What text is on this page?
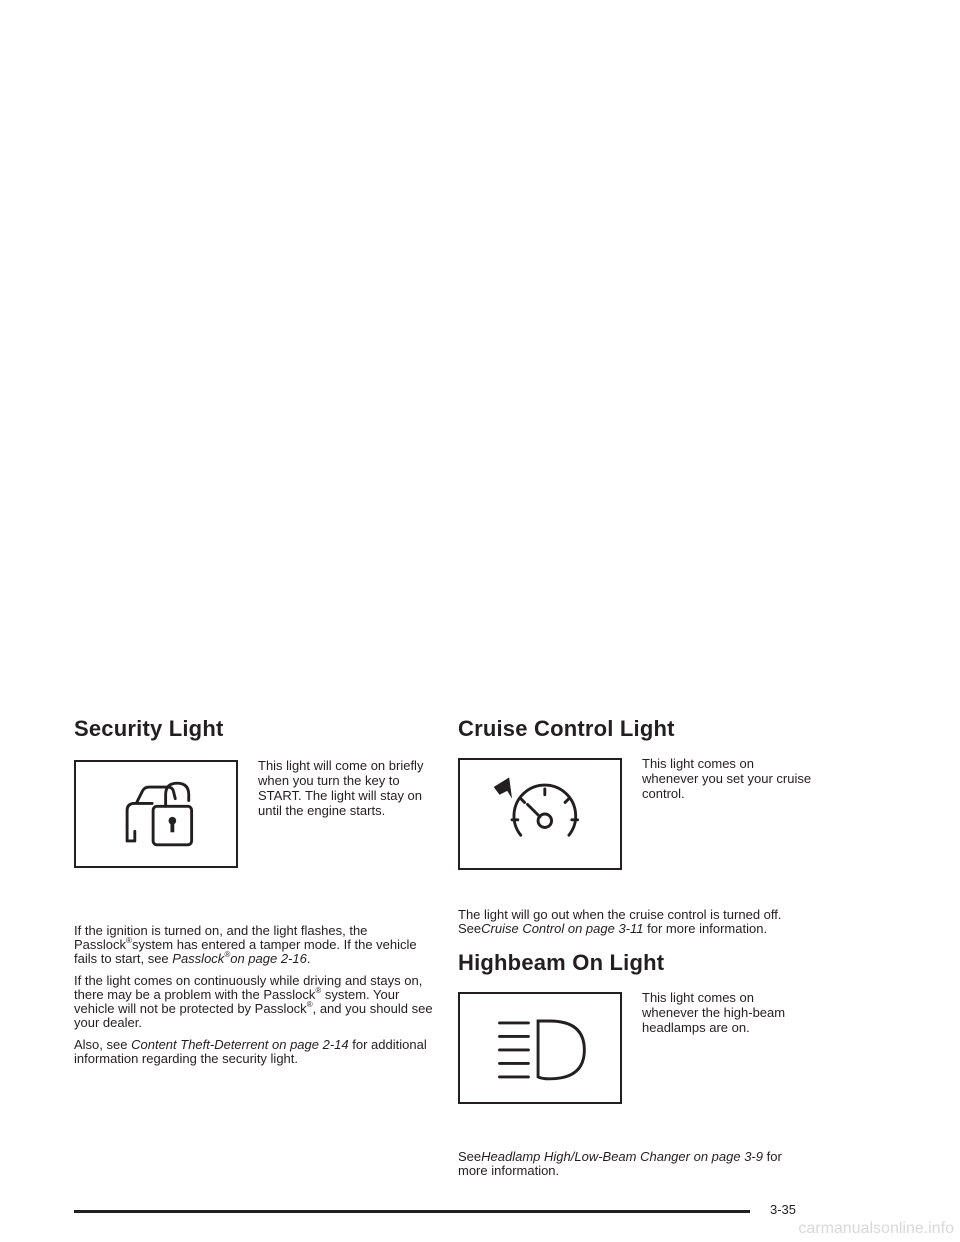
Security Light
This light will come on briefly when you turn the key to START. The light will stay on until the engine starts.

If the ignition is turned on, and the light flashes, the Passlock®system has entered a tamper mode. If the vehicle fails to start, see Passlock®on page 2-16.

If the light comes on continuously while driving and stays on, there may be a problem with the Passlock® system. Your vehicle will not be protected by Passlock®, and you should see your dealer.

Also, see Content Theft-Deterrent on page 2-14 for additional information regarding the security light.

Cruise Control Light
This light comes on whenever you set your cruise control.

The light will go out when the cruise control is turned off. SeeCruise Control on page 3-11 for more information.

Highbeam On Light
This light comes on whenever the high-beam headlamps are on.

SeeHeadlamp High/Low-Beam Changer on page 3-9 for more information.

3-35
carmanualsonline.info
